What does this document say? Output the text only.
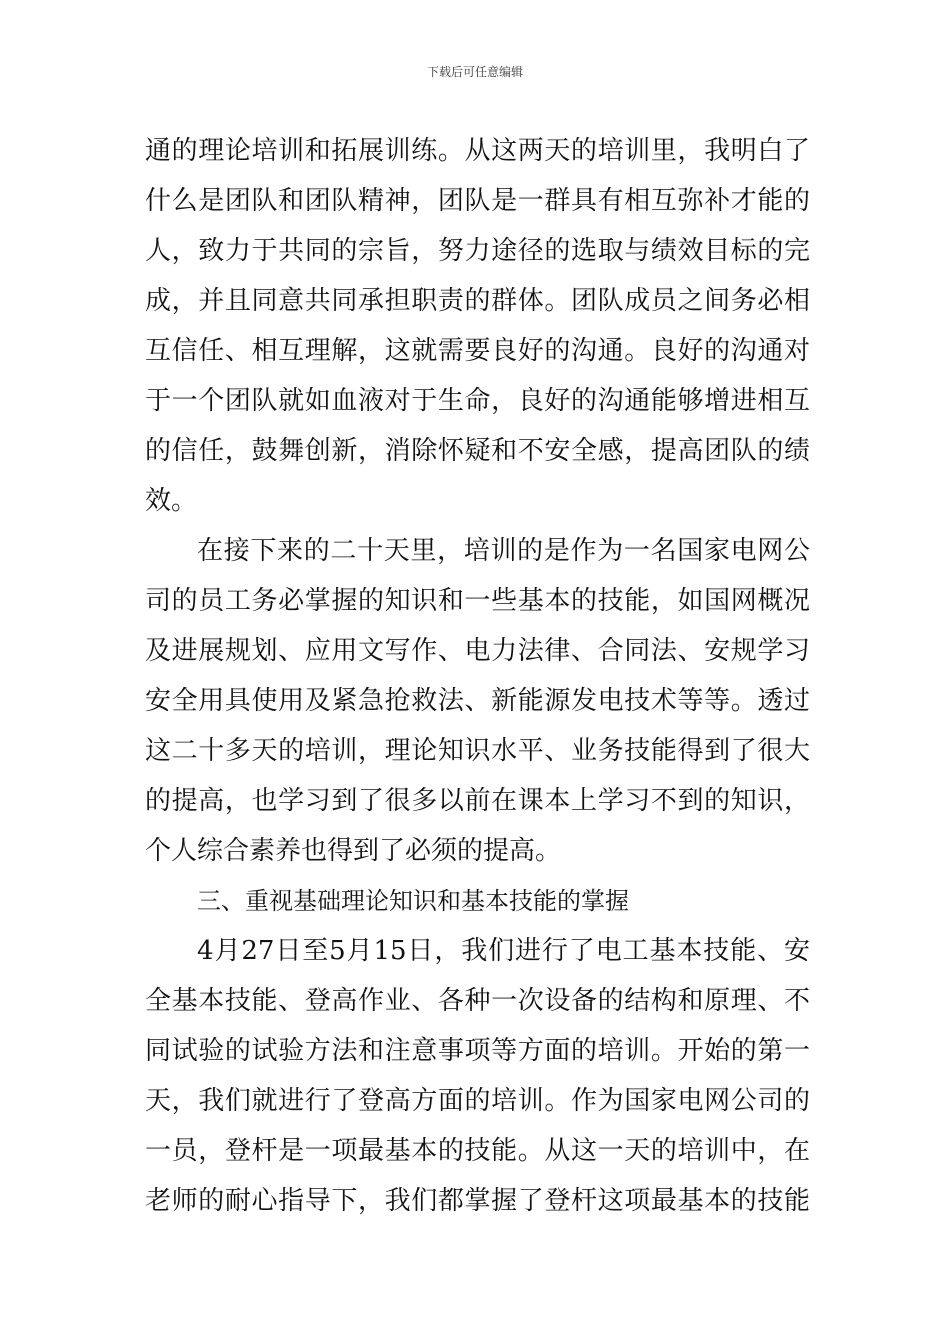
下载后可任意编辑
通的理论培训和拓展训练。从这两天的培训里，我明白了
什么是团队和团队精神，团队是一群具有相互弥补才能的
人，致力于共同的宗旨，努力途径的选取与绩效目标的完
成，并且同意共同承担职责的群体。团队成员之间务必相
互信任、相互理解，这就需要良好的沟通。良好的沟通对
于一个团队就如血液对于生命，良好的沟通能够增进相互
的信任，鼓舞创新，消除怀疑和不安全感，提高团队的绩
效。
在接下来的二十天里，培训的是作为一名国家电网公
司的员工务必掌握的知识和一些基本的技能，如国网概况
及进展规划、应用文写作、电力法律、合同法、安规学习
安全用具使用及紧急抢救法、新能源发电技术等等。透过
这二十多天的培训，理论知识水平、业务技能得到了很大
的提高，也学习到了很多以前在课本上学习不到的知识，
个人综合素养也得到了必须的提高。
三、重视基础理论知识和基本技能的掌握
4月27日至5月15日，我们进行了电工基本技能、安
全基本技能、登高作业、各种一次设备的结构和原理、不
同试验的试验方法和注意事项等方面的培训。开始的第一
天，我们就进行了登高方面的培训。作为国家电网公司的
一员，登杆是一项最基本的技能。从这一天的培训中，在
老师的耐心指导下，我们都掌握了登杆这项最基本的技能
